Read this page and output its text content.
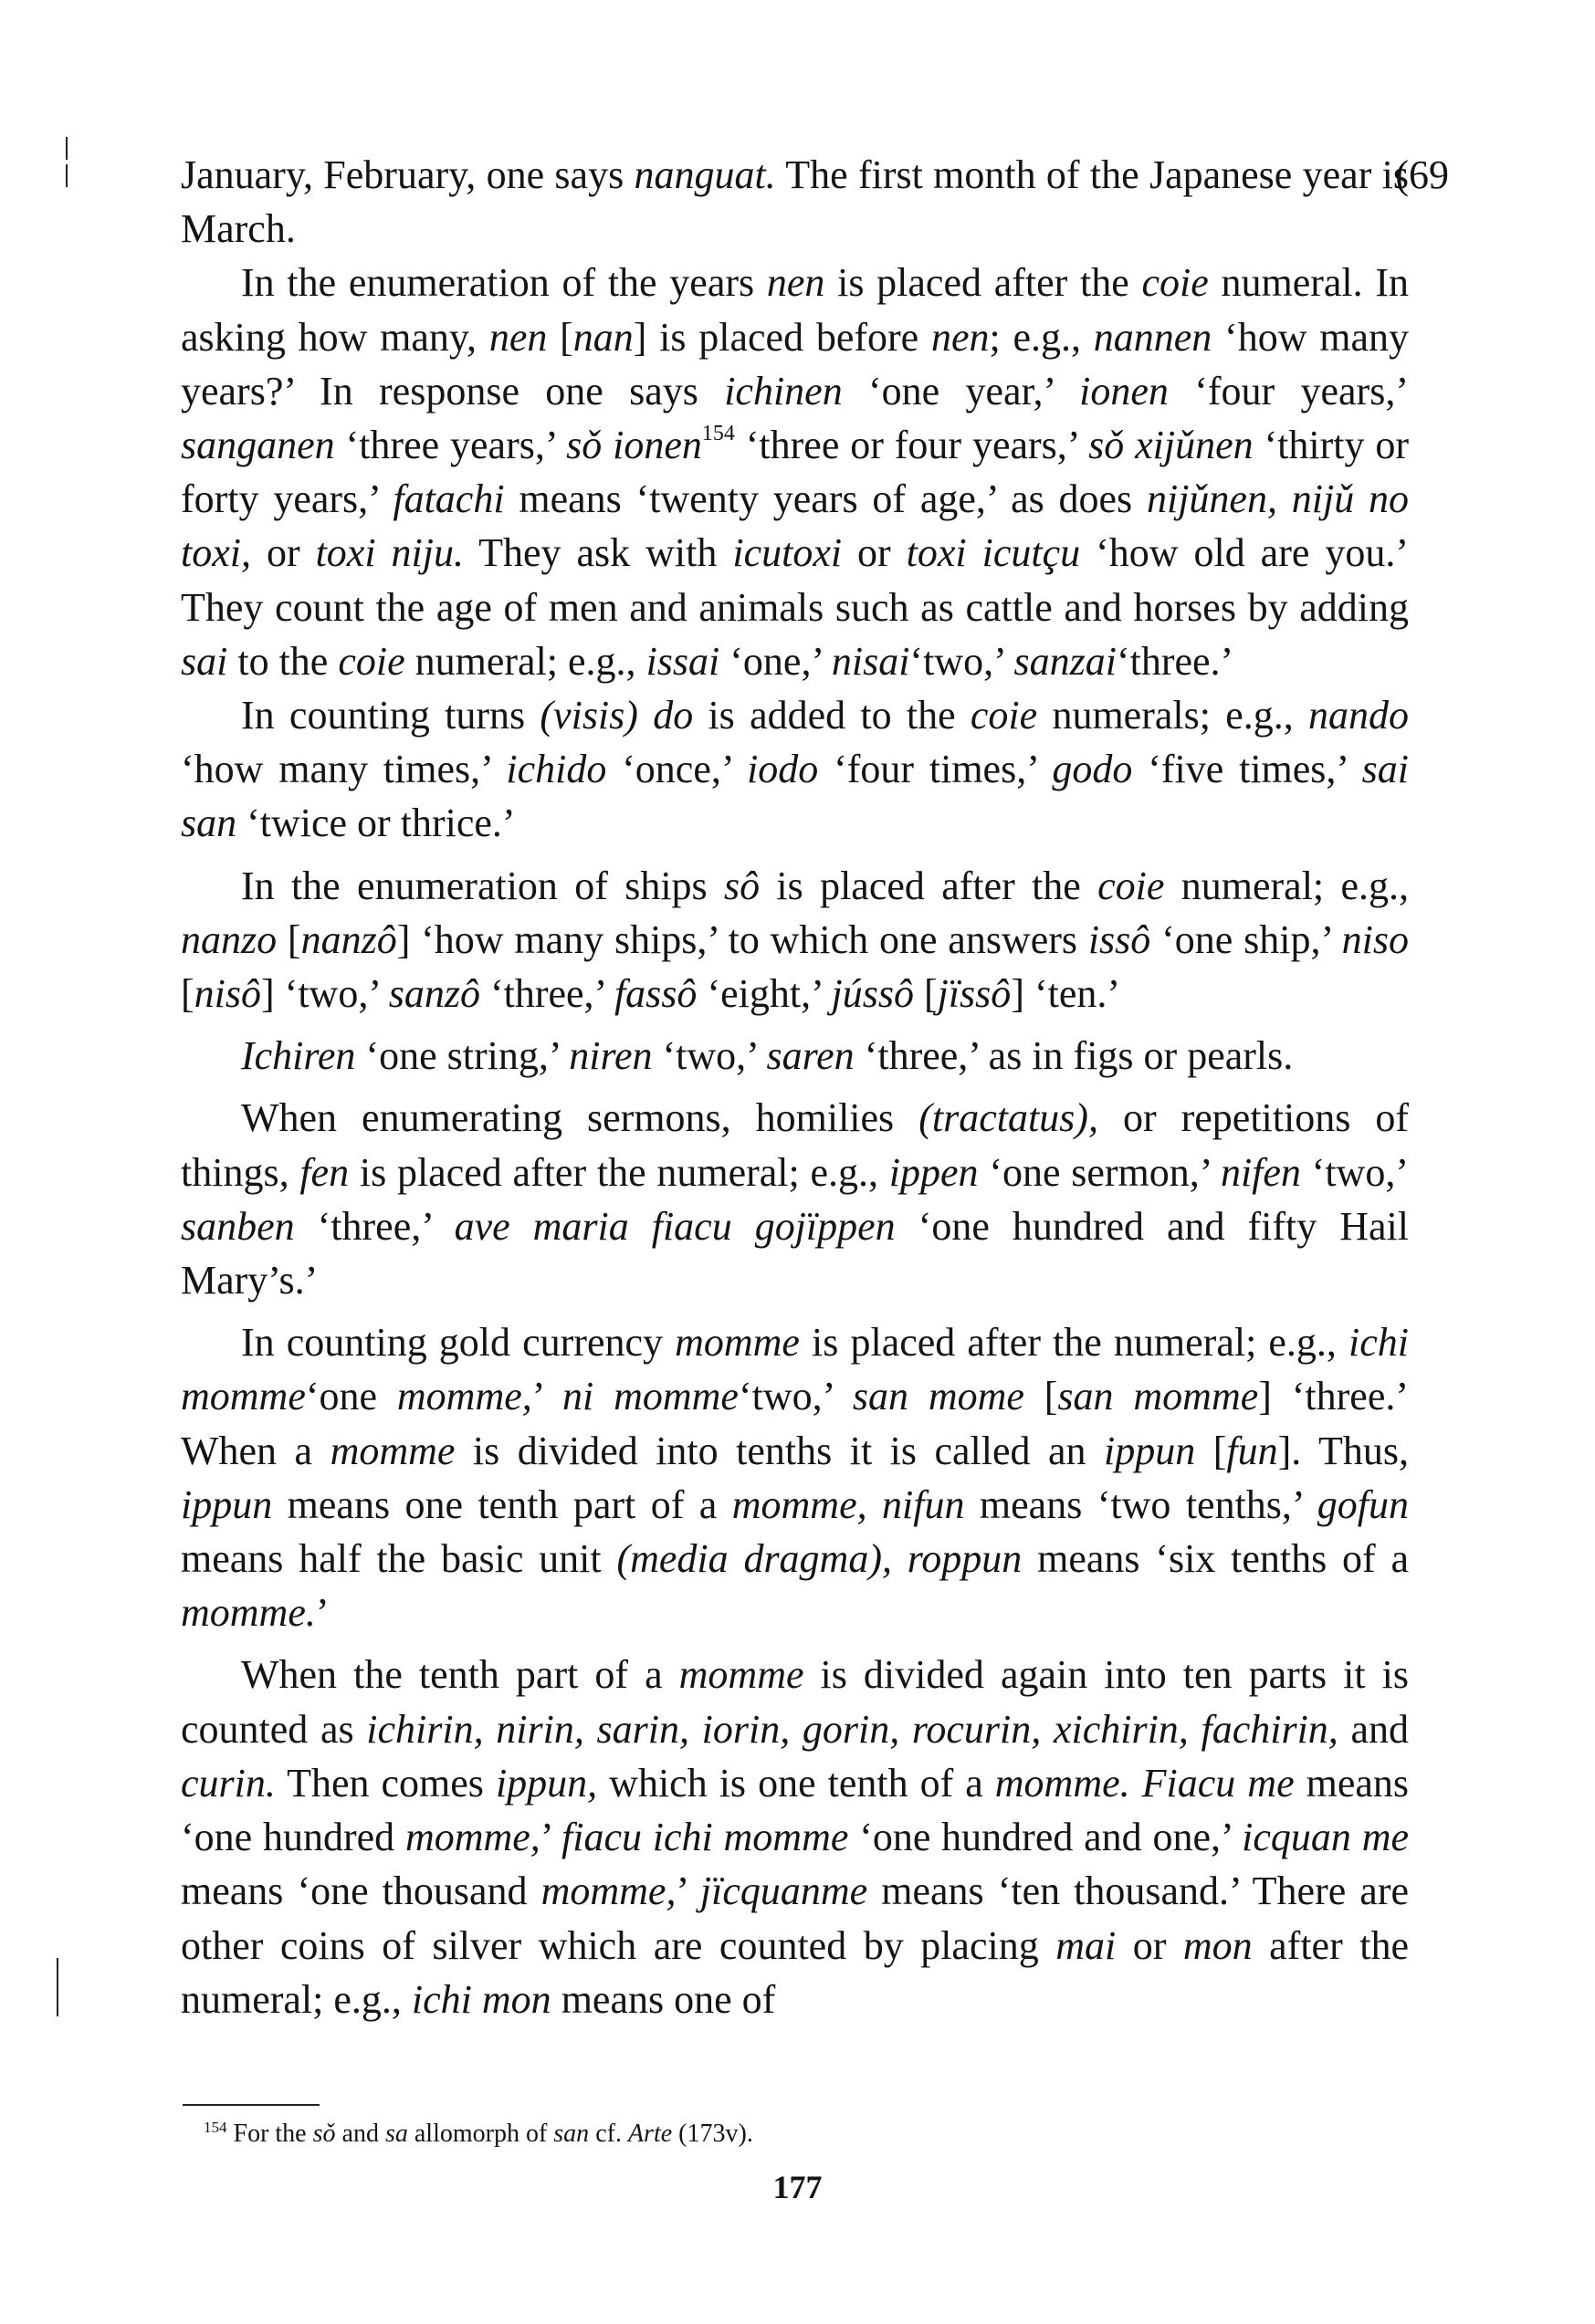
(69

January, February, one says nanguat. The first month of the Japanese year is March.

In the enumeration of the years nen is placed after the coie numeral. In asking how many, nen [nan] is placed before nen; e.g., nannen ‘how many years?’ In response one says ichinen ‘one year,’ ionen ‘four years,’ sanganen ‘three years,’ sǒ ionen$^{154}$ ‘three or four years,’ sǒ xijǔnen ‘thirty or forty years,’ fatachi means ‘twenty years of age,’ as does nijǔnen, nijǔ no toxi, or toxi niju. They ask with icutoxi or toxi icutçu ‘how old are you.’ They count the age of men and animals such as cattle and horses by adding sai to the coie numeral; e.g., issai ‘one,’ nisai‘two,’ sanzai‘three.’

In counting turns (visis) do is added to the coie numerals; e.g., nando ‘how many times,’ ichido ‘once,’ iodo ‘four times,’ godo ‘five times,’ sai san ‘twice or thrice.’

In the enumeration of ships sô is placed after the coie numeral; e.g., nanzo [nanzô] ‘how many ships,’ to which one answers issô ‘one ship,’ niso [nisô] ‘two,’ sanzô ‘three,’ fassô ‘eight,’ jússô [jïssô] ‘ten.’

Ichiren ‘one string,’ niren ‘two,’ saren ‘three,’ as in figs or pearls.

When enumerating sermons, homilies (tractatus), or repetitions of things, fen is placed after the numeral; e.g., ippen ‘one sermon,’ nifen ‘two,’ sanben ‘three,’ ave maria fiacu gojïppen ‘one hundred and fifty Hail Mary’s.’

In counting gold currency momme is placed after the numeral; e.g., ichi momme‘one momme,’ ni momme‘two,’ san mome [san momme] ‘three.’ When a momme is divided into tenths it is called an ippun [fun]. Thus, ippun means one tenth part of a momme, nifun means ‘two tenths,’ gofun means half the basic unit (media dragma), roppun means ‘six tenths of a momme.’

When the tenth part of a momme is divided again into ten parts it is counted as ichirin, nirin, sarin, iorin, gorin, rocurin, xichirin, fachirin, and curin. Then comes ippun, which is one tenth of a momme. Fiacu me means ‘one hundred momme,’ fiacu ichi momme ‘one hundred and one,’ icquan me means ‘one thousand momme,’ jïcquanme means ‘ten thousand.’ There are other coins of silver which are counted by placing mai or mon after the numeral; e.g., ichi mon means one of

$^{154}$ For the sǒ and sa allomorph of san cf. Arte (173v).
177
